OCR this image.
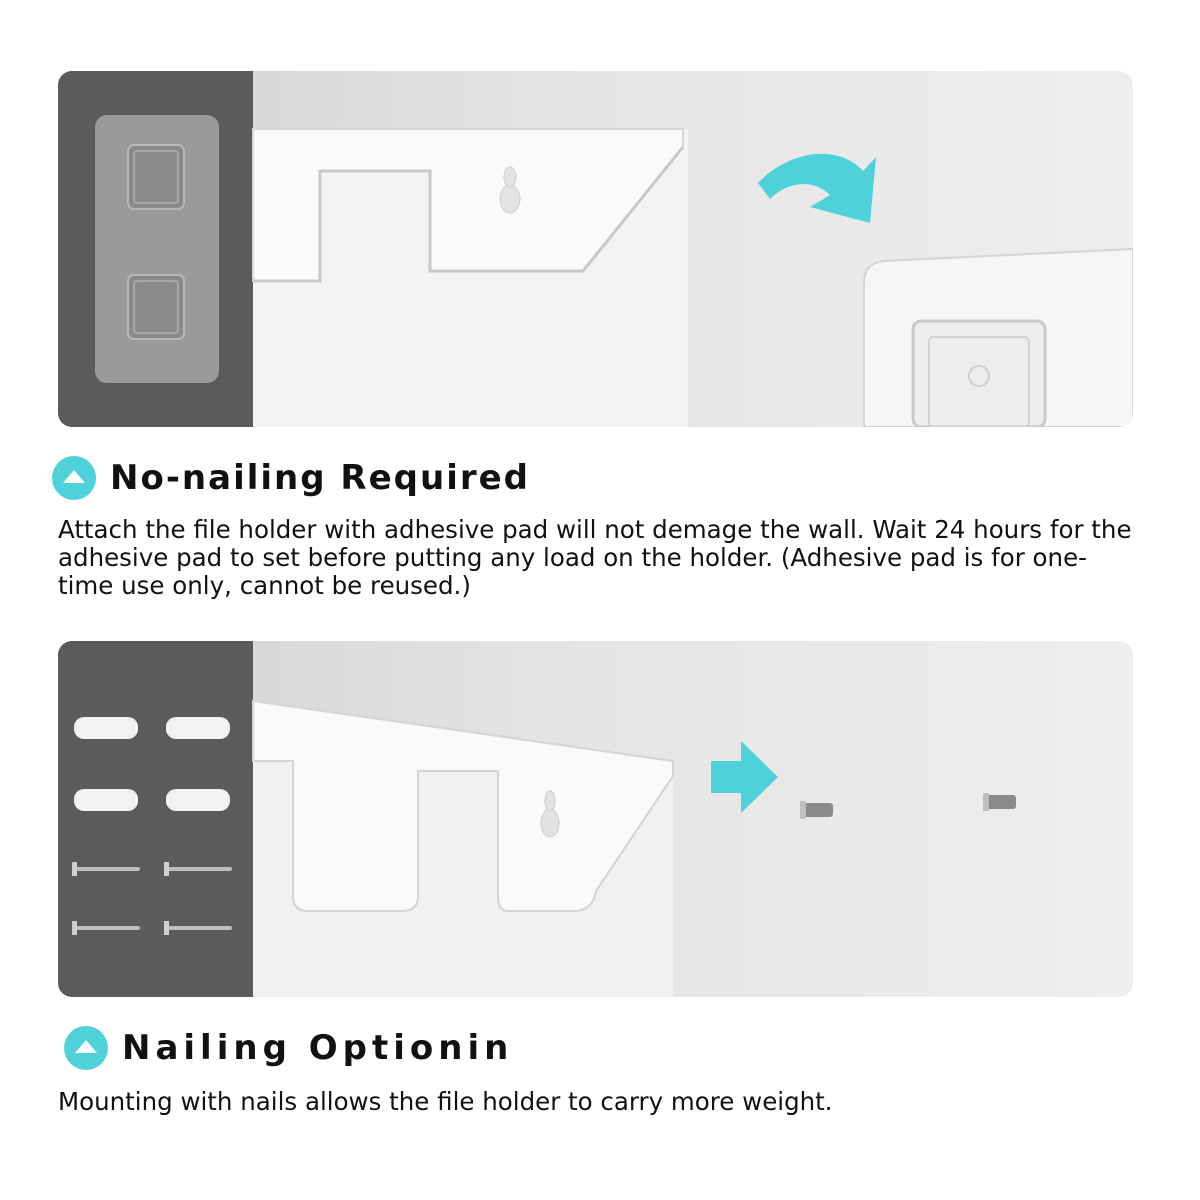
No-nailing Required
Attach the file holder with adhesive pad will not demage the wall. Wait 24 hours for the adhesive pad to set before putting any load on the holder. (Adhesive pad is for one-time use only, cannot be reused.)
Nailing Optionin
Mounting with nails allows the file holder to carry more weight.
